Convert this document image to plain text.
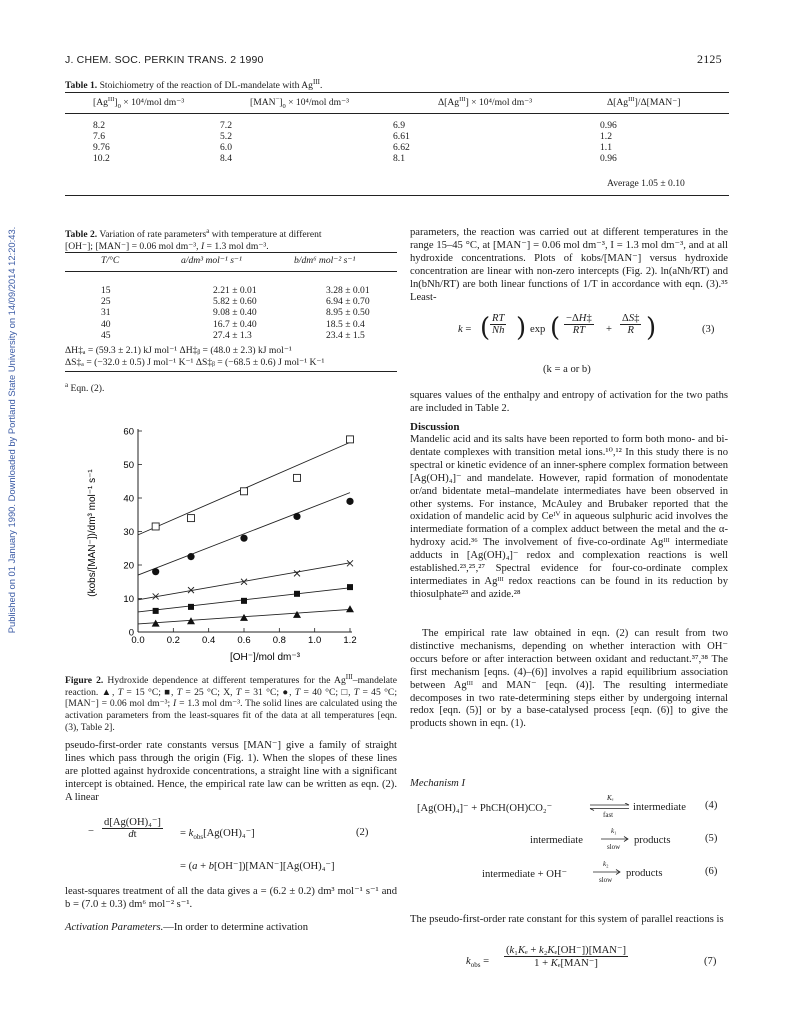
Published on 01 January 1990. Downloaded by Portland State University on 14/09/2014 12:20:43.
J. CHEM. SOC. PERKIN TRANS. 2 1990	2125
Table 1. Stoichiometry of the reaction of DL-mandelate with $Ag^{III}$.
$[Ag^{III}]_0 \times 10^4/mol$ dm⁻³	$[MAN^-]_0 \times 10^4/mol$ dm⁻³	$\Delta[Ag^{III}] \times 10^4/mol$ dm⁻³	$\Delta[Ag^{III}]/\Delta[MAN^-]$
8.2	7.2	6.9	0.96
7.6	5.2	6.61	1.2
9.76	6.0	6.62	1.1
10.2	8.4	8.1	0.96
Average 1.05 ± 0.10
Table 2. Variation of rate parameters$^a$ with temperature at different
[OH⁻]; [MAN⁻] = 0.06 mol dm⁻³, I = 1.3 mol dm⁻³.
T/°C	a/dm³ mol⁻¹ s⁻¹	b/dm⁶ mol⁻² s⁻¹
15	2.21 ± 0.01	3.28 ± 0.01
25	5.82 ± 0.60	6.94 ± 0.70
31	9.08 ± 0.40	8.95 ± 0.50
40	16.7 ± 0.40	18.5 ± 0.4
45	27.4 ± 1.3	23.4 ± 1.5
ΔH‡ₐ = (59.3 ± 2.1) kJ mol⁻¹ ΔH‡ᵦ = (48.0 ± 2.3) kJ mol⁻¹
ΔS‡ₐ = (−32.0 ± 0.5) J mol⁻¹ K⁻¹ ΔS‡ᵦ = (−68.5 ± 0.6) J mol⁻¹ K⁻¹
$^a$ Eqn. (2).
0.0 0.2 0.4 0.6 0.8 1.0 1.2
0
10
20
30
40
50
60
[OH⁻]/mol dm⁻³
(kobs/[MAN⁻])/dm³ mol⁻¹ s⁻¹
Figure 2. Hydroxide dependence at different temperatures for the $Ag^{III}$–mandelate reaction. ▲, T = 15 °C; ■, T = 25 °C; X, T = 31 °C; ●, T = 40 °C; □, T = 45 °C; [MAN⁻] = 0.06 mol dm⁻³; I = 1.3 mol dm⁻³. The solid lines are calculated using the activation parameters from the least-squares fit of the data at all temperatures [eqn. (3), Table 2].
pseudo-first-order rate constants versus [MAN⁻] give a family of straight lines which pass through the origin (Fig. 1). When the slopes of these lines are plotted against hydroxide concentrations, a straight line with a significant intercept is obtained. Hence, the empirical rate law can be written as eqn. (2). A linear
− $\frac{\text{d[Ag(OH)₄⁻]}}{dt} = k_{obs}[Ag(OH)_4^-]$	(2)
= (a + b[OH⁻])[MAN⁻][Ag(OH)₄⁻]
least-squares treatment of all the data gives a = (6.2 ± 0.2) dm³ mol⁻¹ s⁻¹ and b = (7.0 ± 0.3) dm⁶ mol⁻² s⁻¹.
Activation Parameters.—In order to determine activation
parameters, the reaction was carried out at different temperatures in the range 15–45 °C, at [MAN⁻] = 0.06 mol dm⁻³, I = 1.3 mol dm⁻³, and at all hydroxide concentrations. Plots of kobs/[MAN⁻] versus hydroxide concentration are linear with non-zero intercepts (Fig. 2). ln(aNh/RT) and ln(bNh/RT) are both linear functions of 1/T in accordance with eqn. (3).³⁵ Least-
k = ( $\frac{RT}{Nh}$ ) exp ( $\frac{-\Delta H\ddagger}{RT} + \frac{\Delta S\ddagger}{R}$ )	(3)
(k = a or b)
squares values of the enthalpy and entropy of activation for the two paths are included in Table 2.
Discussion
Mandelic acid and its salts have been reported to form both mono- and bi-dentate complexes with transition metal ions.¹⁰,¹² In this study there is no spectral or kinetic evidence of an inner-sphere complex formation between [Ag(OH)₄]⁻ and mandelate. However, rapid formation of monodentate or/and bidentate metal–mandelate intermediates have been observed in other systems. For instance, McAuley and Brubaker reported that the oxidation of mandelic acid by Ceᴵⱽ in aqueous sulphuric acid involves the intermediate formation of a complex adduct between the metal and the α-hydroxy acid.³⁶ The involvement of five-co-ordinate Agᴵᴵᴵ intermediate adducts in [Ag(OH)₄]⁻ redox and complexation reactions is well established.²³,²⁵,²⁷ Spectral evidence for four-co-ordinate complex intermediates in Agᴵᴵᴵ redox reactions can be found in its reduction by thiosulphate²³ and azide.²⁸
The empirical rate law obtained in eqn. (2) can result from two distinctive mechanisms, depending on whether interaction with OH⁻ occurs before or after interaction between oxidant and reductant.³⁷,³⁸ The first mechanism [eqns. (4)–(6)] involves a rapid equilibrium association between Agᴵᴵᴵ and MAN⁻ [eqn. (4)]. The resulting intermediate decomposes in two rate-determining steps either by undergoing internal redox [eqn. (5)] or by a base-catalysed process [eqn. (6)] to give the products shown in eqn. (1).
Mechanism I
[Ag(OH)₄]⁻ + PhCH(OH)CO₂⁻
Kₑ
fast
intermediate (4)
intermediate
k₁
slow
products	(5)
intermediate + OH⁻
k₂
slow
products	(6)
The pseudo-first-order rate constant for this system of parallel reactions is
$k_{obs}$ =
(k₁Kₑ + k₂Kₑ[OH⁻])[MAN⁻]
1 + Kₑ[MAN⁻]	(7)
